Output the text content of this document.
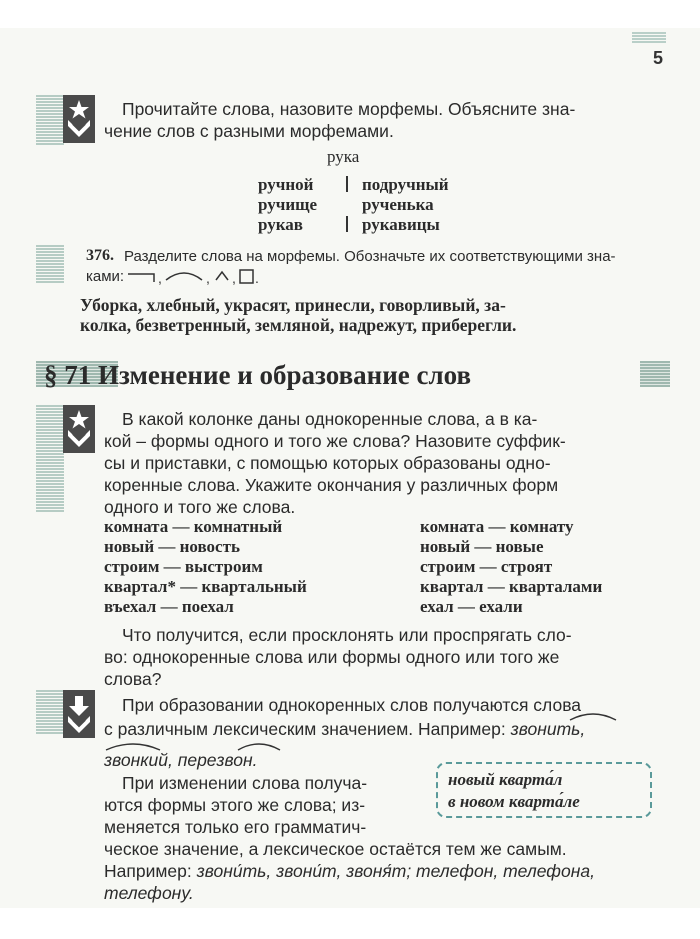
5
Прочитайте слова, назовите морфемы. Объясните зна-
чение слов с разными морфемами.
рука
ручной
ручище
рукав
подручный
рученька
рукавицы
376. Разделите слова на морфемы. Обозначьте их соответствующими зна-
ками: ,	, , .
Уборка, хлебный, украсят, принесли, говорливый, за-
колка, безветренный, земляной, надрежут, приберегли.
§ 71 Изменение и образование слов
В какой колонке даны однокоренные слова, а в ка-
кой – формы одного и того же слова? Назовите суффик-
сы и приставки, с помощью которых образованы одно-
коренные слова. Укажите окончания у различных форм
одного и того же слова.
комната — комнатный
новый — новость
строим — выстроим
квартал* — квартальный
въехал — поехал
комната — комнату
новый — новые
строим — строят
квартал — кварталами
ехал — ехали
Что получится, если просклонять или проспрягать сло-
во: однокоренные слова или формы одного или того же
слова?
При образовании однокоренных слов получаются слова
с различным лексическим значением. Например: звонить,
звонкий, перезвон.
При изменении слова получа-
ются формы этого же слова; из-
меняется только его грамматич-
ческое значение, а лексическое остаётся тем же самым.
Например: звони́ть, звони́т, звоня́т; телефон, телефона,
телефону.
новый кварта́л
в новом кварта́ле
